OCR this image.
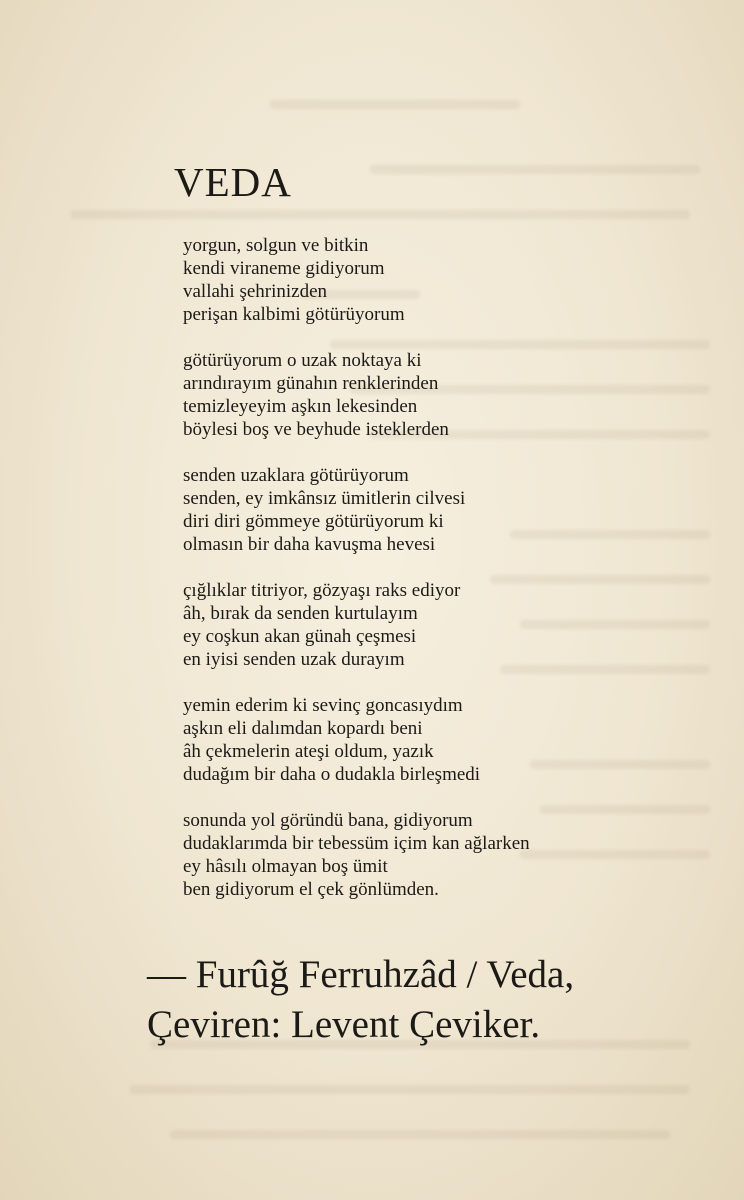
VEDA
yorgun, solgun ve bitkin
kendi viraneme gidiyorum
vallahi şehrinizden
perişan kalbimi götürüyorum
götürüyorum o uzak noktaya ki
arındırayım günahın renklerinden
temizleyeyim aşkın lekesinden
böylesi boş ve beyhude isteklerden
senden uzaklara götürüyorum
senden, ey imkânsız ümitlerin cilvesi
diri diri gömmeye götürüyorum ki
olmasın bir daha kavuşma hevesi
çığlıklar titriyor, gözyaşı raks ediyor
âh, bırak da senden kurtulayım
ey coşkun akan günah çeşmesi
en iyisi senden uzak durayım
yemin ederim ki sevinç goncasıydım
aşkın eli dalımdan kopardı beni
âh çekmelerin ateşi oldum, yazık
dudağım bir daha o dudakla birleşmedi
sonunda yol göründü bana, gidiyorum
dudaklarımda bir tebessüm içim kan ağlarken
ey hâsılı olmayan boş ümit
ben gidiyorum el çek gönlümden.
— Furûğ Ferruhzâd / Veda,
Çeviren: Levent Çeviker.
